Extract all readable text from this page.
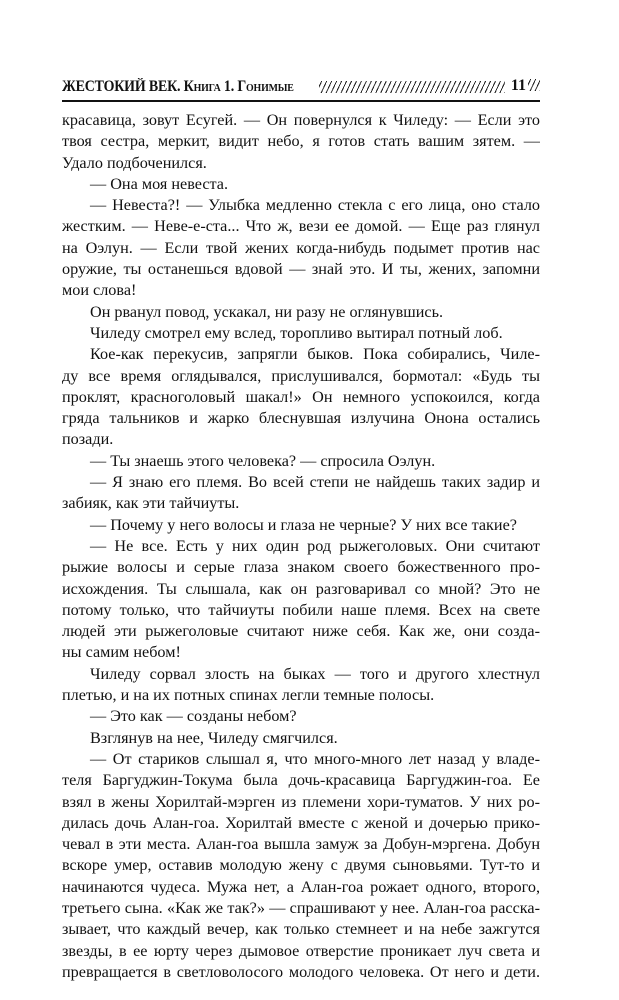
ЖЕСТОКИЙ ВЕК. Книга 1. Гонимые	11
красавица, зовут Есугей. — Он повернулся к Чиледу: — Если это
твоя сестра, меркит, видит небо, я готов стать вашим зятем. —
Удало подбоченился.
— Она моя невеста.
— Невеста?! — Улыбка медленно стекла с его лица, оно стало
жестким. — Неве-е-ста... Что ж, вези ее домой. — Еще раз глянул
на Оэлун. — Если твой жених когда-нибудь подымет против нас
оружие, ты останешься вдовой — знай это. И ты, жених, запомни
мои слова!
Он рванул повод, ускакал, ни разу не оглянувшись.
Чиледу смотрел ему вслед, торопливо вытирал потный лоб.
Кое-как перекусив, запрягли быков. Пока собирались, Чиле-
ду все время оглядывался, прислушивался, бормотал: «Будь ты
проклят, красноголовый шакал!» Он немного успокоился, когда
гряда тальников и жарко блеснувшая излучина Онона остались
позади.
— Ты знаешь этого человека? — спросила Оэлун.
— Я знаю его племя. Во всей степи не найдешь таких задир и
забияк, как эти тайчиуты.
— Почему у него волосы и глаза не черные? У них все такие?
— Не все. Есть у них один род рыжеголовых. Они считают
рыжие волосы и серые глаза знаком своего божественного про-
исхождения. Ты слышала, как он разговаривал со мной? Это не
потому только, что тайчиуты побили наше племя. Всех на свете
людей эти рыжеголовые считают ниже себя. Как же, они созда-
ны самим небом!
Чиледу сорвал злость на быках — того и другого хлестнул
плетью, и на их потных спинах легли темные полосы.
— Это как — созданы небом?
Взглянув на нее, Чиледу смягчился.
— От стариков слышал я, что много-много лет назад у владе-
теля Баргуджин-Токума была дочь-красавица Баргуджин-гоа. Ее
взял в жены Хорилтай-мэрген из племени хори-туматов. У них ро-
дилась дочь Алан-гоа. Хорилтай вместе с женой и дочерью прико-
чевал в эти места. Алан-гоа вышла замуж за Добун-мэргена. Добун
вскоре умер, оставив молодую жену с двумя сыновьями. Тут-то и
начинаются чудеса. Мужа нет, а Алан-гоа рожает одного, второго,
третьего сына. «Как же так?» — спрашивают у нее. Алан-гоа расска-
зывает, что каждый вечер, как только стемнеет и на небе зажгутся
звезды, в ее юрту через дымовое отверстие проникает луч света и
превращается в светловолосого молодого человека. От него и дети.
